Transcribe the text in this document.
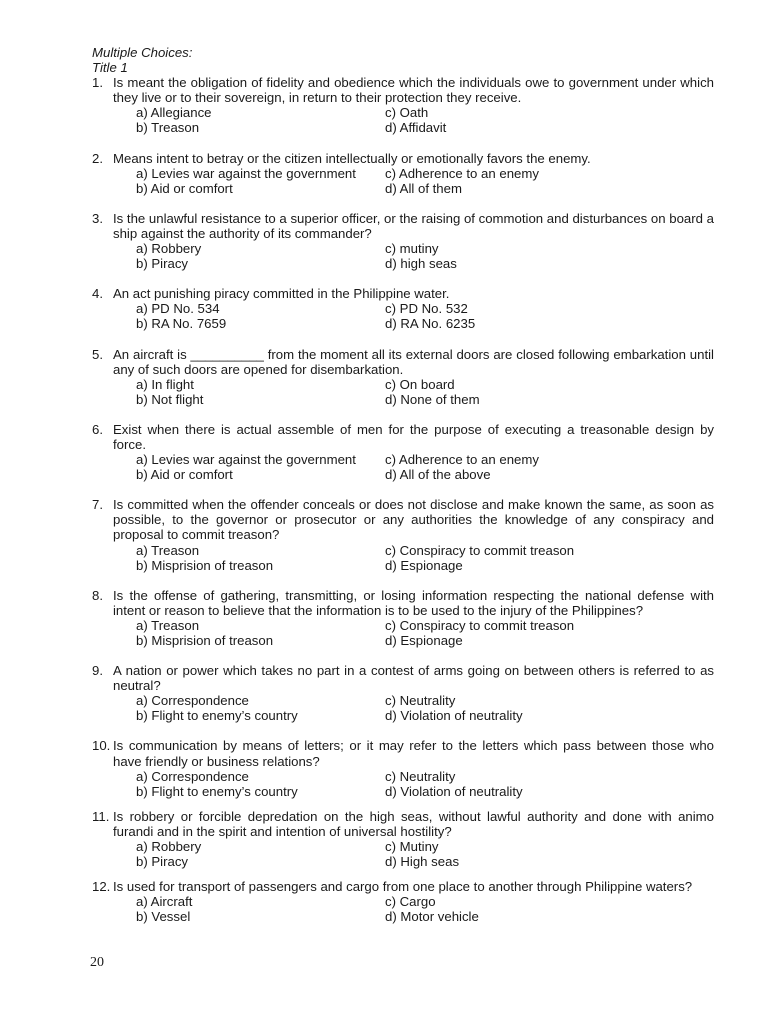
Multiple Choices:
Title 1
1. Is meant the obligation of fidelity and obedience which the individuals owe to government under which they live or to their sovereign, in return to their protection they receive.
a) Allegiance	c) Oath
b) Treason	d) Affidavit
2. Means intent to betray or the citizen intellectually or emotionally favors the enemy.
a) Levies war against the government	c) Adherence to an enemy
b) Aid or comfort	d) All of them
3. Is the unlawful resistance to a superior officer, or the raising of commotion and disturbances on board a ship against the authority of its commander?
a) Robbery	c) mutiny
b) Piracy	d) high seas
4. An act punishing piracy committed in the Philippine water.
a) PD No. 534	c) PD No. 532
b) RA No. 7659	d) RA No. 6235
5. An aircraft is __________ from the moment all its external doors are closed following embarkation until any of such doors are opened for disembarkation.
a) In flight	c) On board
b) Not flight	d) None of them
6. Exist when there is actual assemble of men for the purpose of executing a treasonable design by force.
a) Levies war against the government	c) Adherence to an enemy
b) Aid or comfort	d) All of the above
7. Is committed when the offender conceals or does not disclose and make known the same, as soon as possible, to the governor or prosecutor or any authorities the knowledge of any conspiracy and proposal to commit treason?
a) Treason	c) Conspiracy to commit treason
b) Misprision of treason	d) Espionage
8. Is the offense of gathering, transmitting, or losing information respecting the national defense with intent or reason to believe that the information is to be used to the injury of the Philippines?
a) Treason	c) Conspiracy to commit treason
b) Misprision of treason	d) Espionage
9. A nation or power which takes no part in a contest of arms going on between others is referred to as neutral?
a) Correspondence	c) Neutrality
b) Flight to enemy’s country	d) Violation of neutrality
10. Is communication by means of letters; or it may refer to the letters which pass between those who have friendly or business relations?
a) Correspondence	c) Neutrality
b) Flight to enemy’s country	d) Violation of neutrality
11. Is robbery or forcible depredation on the high seas, without lawful authority and done with animo furandi and in the spirit and intention of universal hostility?
a) Robbery	c) Mutiny
b) Piracy	d) High seas
12. Is used for transport of passengers and cargo from one place to another through Philippine waters?
a) Aircraft	c) Cargo
b) Vessel	d) Motor vehicle
20
